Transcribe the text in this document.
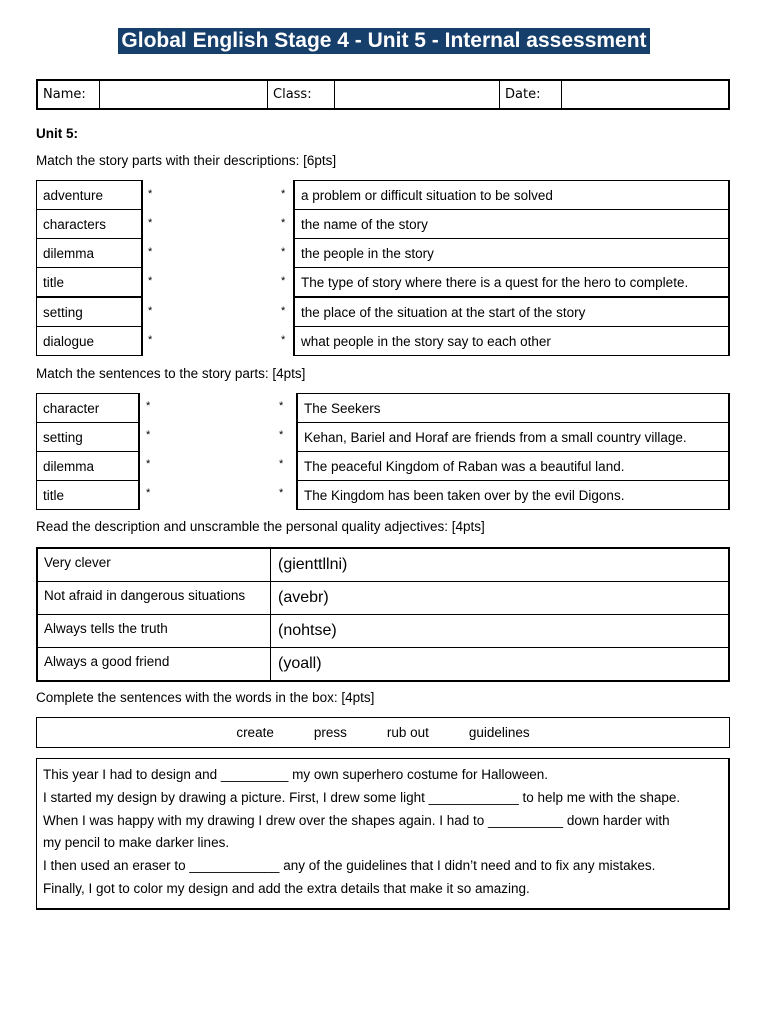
Global English Stage 4 - Unit 5 - Internal assessment
Name:	Class:	Date:
Unit 5:
Match the story parts with their descriptions: [6pts]
adventure	*	*	a problem or difficult situation to be solved
characters	*	*	the name of the story
dilemma	*	*	the people in the story
title	*	*	The type of story where there is a quest for the hero to complete.
setting	*	*	the place of the situation at the start of the story
dialogue	*	*	what people in the story say to each other
Match the sentences to the story parts: [4pts]
character	*	*	The Seekers
setting	*	*	Kehan, Bariel and Horaf are friends from a small country village.
dilemma	*	*	The peaceful Kingdom of Raban was a beautiful land.
title	*	*	The Kingdom has been taken over by the evil Digons.
Read the description and unscramble the personal quality adjectives: [4pts]
Very clever	(gienttllni)
Not afraid in dangerous situations	(avebr)
Always tells the truth	(nohtse)
Always a good friend	(yoall)
Complete the sentences with the words in the box: [4pts]
create	press	rub out	guidelines
This year I had to design and _________ my own superhero costume for Halloween.
I started my design by drawing a picture. First, I drew some light ____________ to help me with the shape.
When I was happy with my drawing I drew over the shapes again. I had to __________ down harder with
my pencil to make darker lines.
I then used an eraser to ____________ any of the guidelines that I didn’t need and to fix any mistakes.
Finally, I got to color my design and add the extra details that make it so amazing.
